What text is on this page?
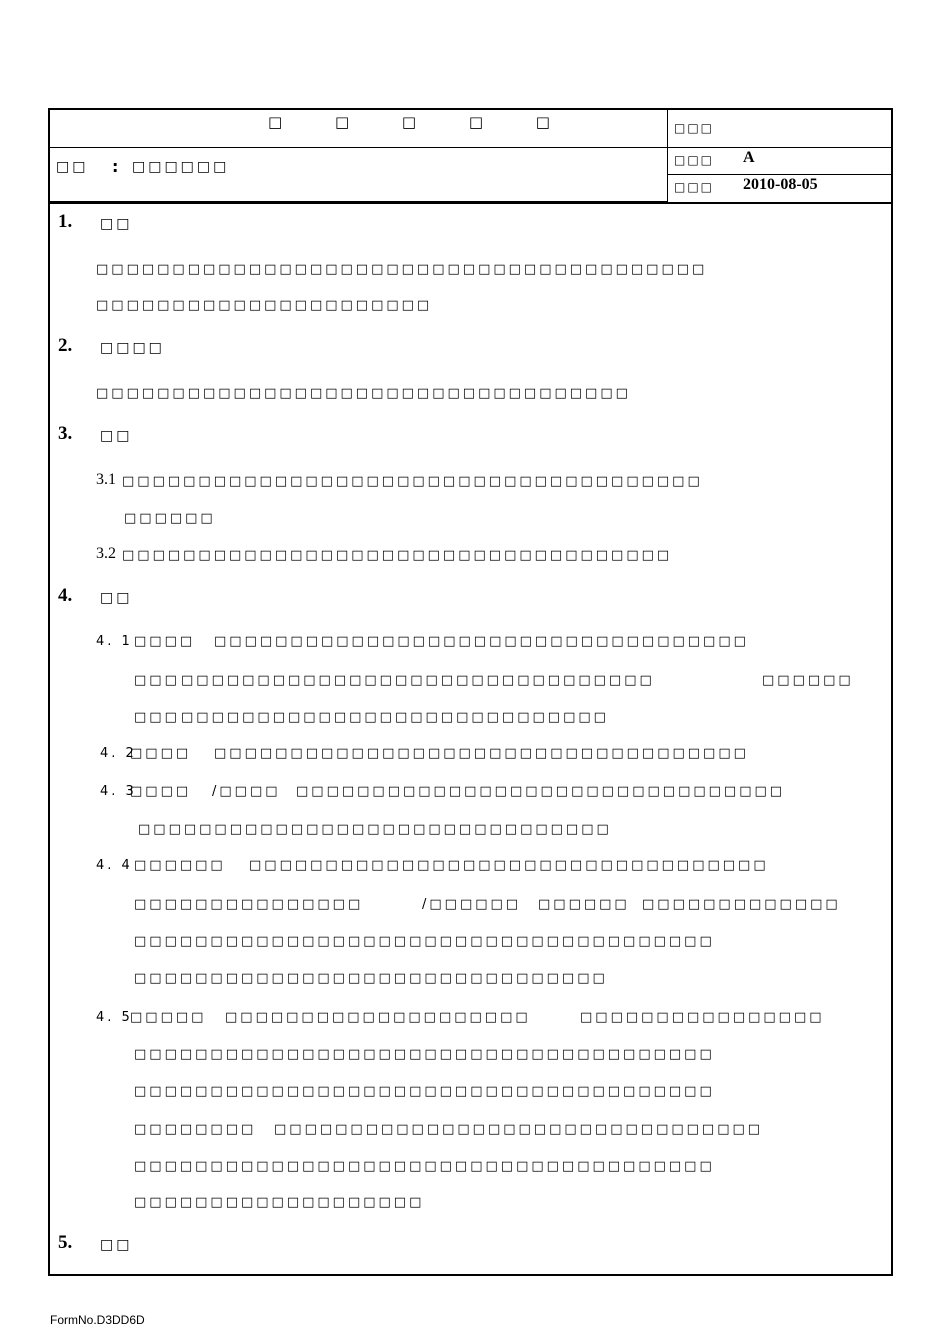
□ □ □ □ □	□□□
□□ : □□□□□□	□□□ A
□□□ 2010-08-05
1. □□
□□□□□□□□□□□□□□□□□□□□□□□□□□□□□□□□□□□□□□□□
□□□□□□□□□□□□□□□□□□□□□□
2. □□□□
□□□□□□□□□□□□□□□□□□□□□□□□□□□□□□□□□□□
3. □□
3.1 □□□□□□□□□□□□□□□□□□□□□□□□□□□□□□□□□□□□□□
□□□□□□
3.2 □□□□□□□□□□□□□□□□□□□□□□□□□□□□□□□□□□□□
4. □□
4. 1 □□□□ □□□□□□□□□□□□□□□□□□□□□□□□□□□□□□□□□□□
□□□ □□□□□□□□□□□□□□□□□□□□□□□□□□□□□□□	□□□□□□
□□□ □□□□□□□□□□□□□□□□□□□□□□□□□□□□
4. 2
□□□□ □□□□□□□□□□□□□□□□□□□□□□□□□□□□□□□□□□□
4. 3
□□□□ /□□□□ □□□□□□□□□□□□□□□□□□□□□□□□□□□□□□□□
□□□□□□□□□□□□□□□□□□□□□□□□□□□□□□□
4. 4 □□□□□□ □□□□□□□□□□□□□□□□□□□□□□□□□□□□□□□□□□
□□□□□□□□□□□□□□□	/□□□□□□ □□□□□□ □□□□□□□□□□□□□
□□□□□□□□□□□□□□□□□□□□□□□□□□□□□□□□□□□□□□
□□□□□□□□□□□□□□□□□□□□□□□□□□□□□□□
4. 5
□□□□□ □□□□□□□□□□□□□□□□□□□□	□□□□□□□□□□□□□□□□
□□□□□□□□□□□□□□□□□□□□□□□□□□□□□□□□□□□□□□
□□□□□□□□□□□□□□□□□□□□□□□□□□□□□□□□□□□□□□
□□□□□□□□ □□□□□□□□□□□□□□□□□□□□□□□□□□□□□□□□
□□□□□□□□□□□□□□□□□□□□□□□□□□□□□□□□□□□□□□
□□□□□□□□□□□□□□□□□□□
5. □□
FormNo.D3DD6D
